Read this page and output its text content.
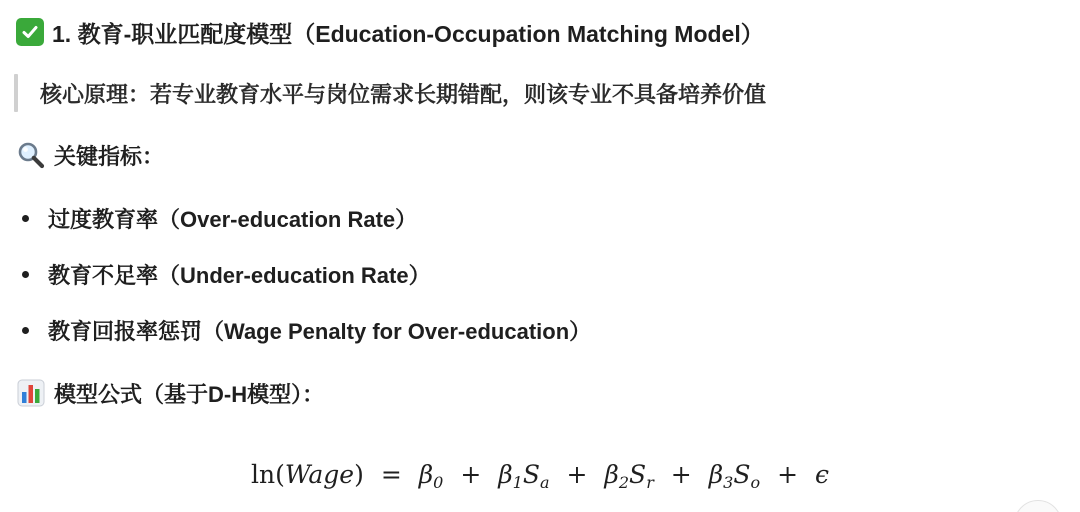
1. 教育-职业匹配度模型（Education-Occupation Matching Model）
核心原理：若专业教育水平与岗位需求长期错配，则该专业不具备培养价值
关键指标：
过度教育率（Over-education Rate）
教育不足率（Under-education Rate）
教育回报率惩罚（Wage Penalty for Over-education）
模型公式（基于D-H模型）：
ln(Wage) = $\beta_0 + \beta_1S_a + \beta_2S_r + \beta_3S_o + \epsilon$
